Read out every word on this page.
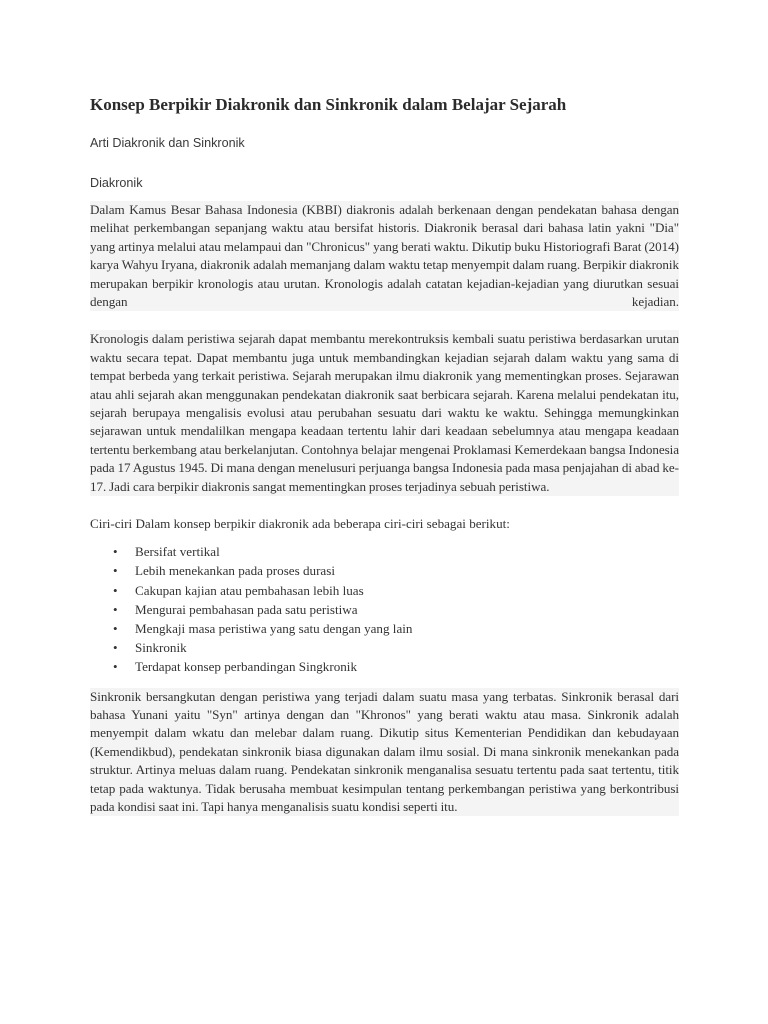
Konsep Berpikir Diakronik dan Sinkronik dalam Belajar Sejarah

Arti Diakronik dan Sinkronik

Diakronik

Dalam Kamus Besar Bahasa Indonesia (KBBI) diakronis adalah berkenaan dengan pendekatan bahasa dengan melihat perkembangan sepanjang waktu atau bersifat historis. Diakronik berasal dari bahasa latin yakni "Dia" yang artinya melalui atau melampaui dan "Chronicus" yang berati waktu. Dikutip buku Historiografi Barat (2014) karya Wahyu Iryana, diakronik adalah memanjang dalam waktu tetap menyempit dalam ruang. Berpikir diakronik merupakan berpikir kronologis atau urutan. Kronologis adalah catatan kejadian-kejadian yang diurutkan sesuai dengan kejadian.

Kronologis dalam peristiwa sejarah dapat membantu merekontruksis kembali suatu peristiwa berdasarkan urutan waktu secara tepat. Dapat membantu juga untuk membandingkan kejadian sejarah dalam waktu yang sama di tempat berbeda yang terkait peristiwa. Sejarah merupakan ilmu diakronik yang mementingkan proses. Sejarawan atau ahli sejarah akan menggunakan pendekatan diakronik saat berbicara sejarah. Karena melalui pendekatan itu, sejarah berupaya mengalisis evolusi atau perubahan sesuatu dari waktu ke waktu. Sehingga memungkinkan sejarawan untuk mendalilkan mengapa keadaan tertentu lahir dari keadaan sebelumnya atau mengapa keadaan tertentu berkembang atau berkelanjutan. Contohnya belajar mengenai Proklamasi Kemerdekaan bangsa Indonesia pada 17 Agustus 1945. Di mana dengan menelusuri perjuanga bangsa Indonesia pada masa penjajahan di abad ke-17. Jadi cara berpikir diakronis sangat mementingkan proses terjadinya sebuah peristiwa.

Ciri-ciri Dalam konsep berpikir diakronik ada beberapa ciri-ciri sebagai berikut:

• Bersifat vertikal
• Lebih menekankan pada proses durasi
• Cakupan kajian atau pembahasan lebih luas
• Mengurai pembahasan pada satu peristiwa
• Mengkaji masa peristiwa yang satu dengan yang lain
• Sinkronik
• Terdapat konsep perbandingan Singkronik

Sinkronik bersangkutan dengan peristiwa yang terjadi dalam suatu masa yang terbatas. Sinkronik berasal dari bahasa Yunani yaitu "Syn" artinya dengan dan "Khronos" yang berati waktu atau masa. Sinkronik adalah menyempit dalam wkatu dan melebar dalam ruang. Dikutip situs Kementerian Pendidikan dan kebudayaan (Kemendikbud), pendekatan sinkronik biasa digunakan dalam ilmu sosial. Di mana sinkronik menekankan pada struktur. Artinya meluas dalam ruang. Pendekatan sinkronik menganalisa sesuatu tertentu pada saat tertentu, titik tetap pada waktunya. Tidak berusaha membuat kesimpulan tentang perkembangan peristiwa yang berkontribusi pada kondisi saat ini. Tapi hanya menganalisis suatu kondisi seperti itu.
